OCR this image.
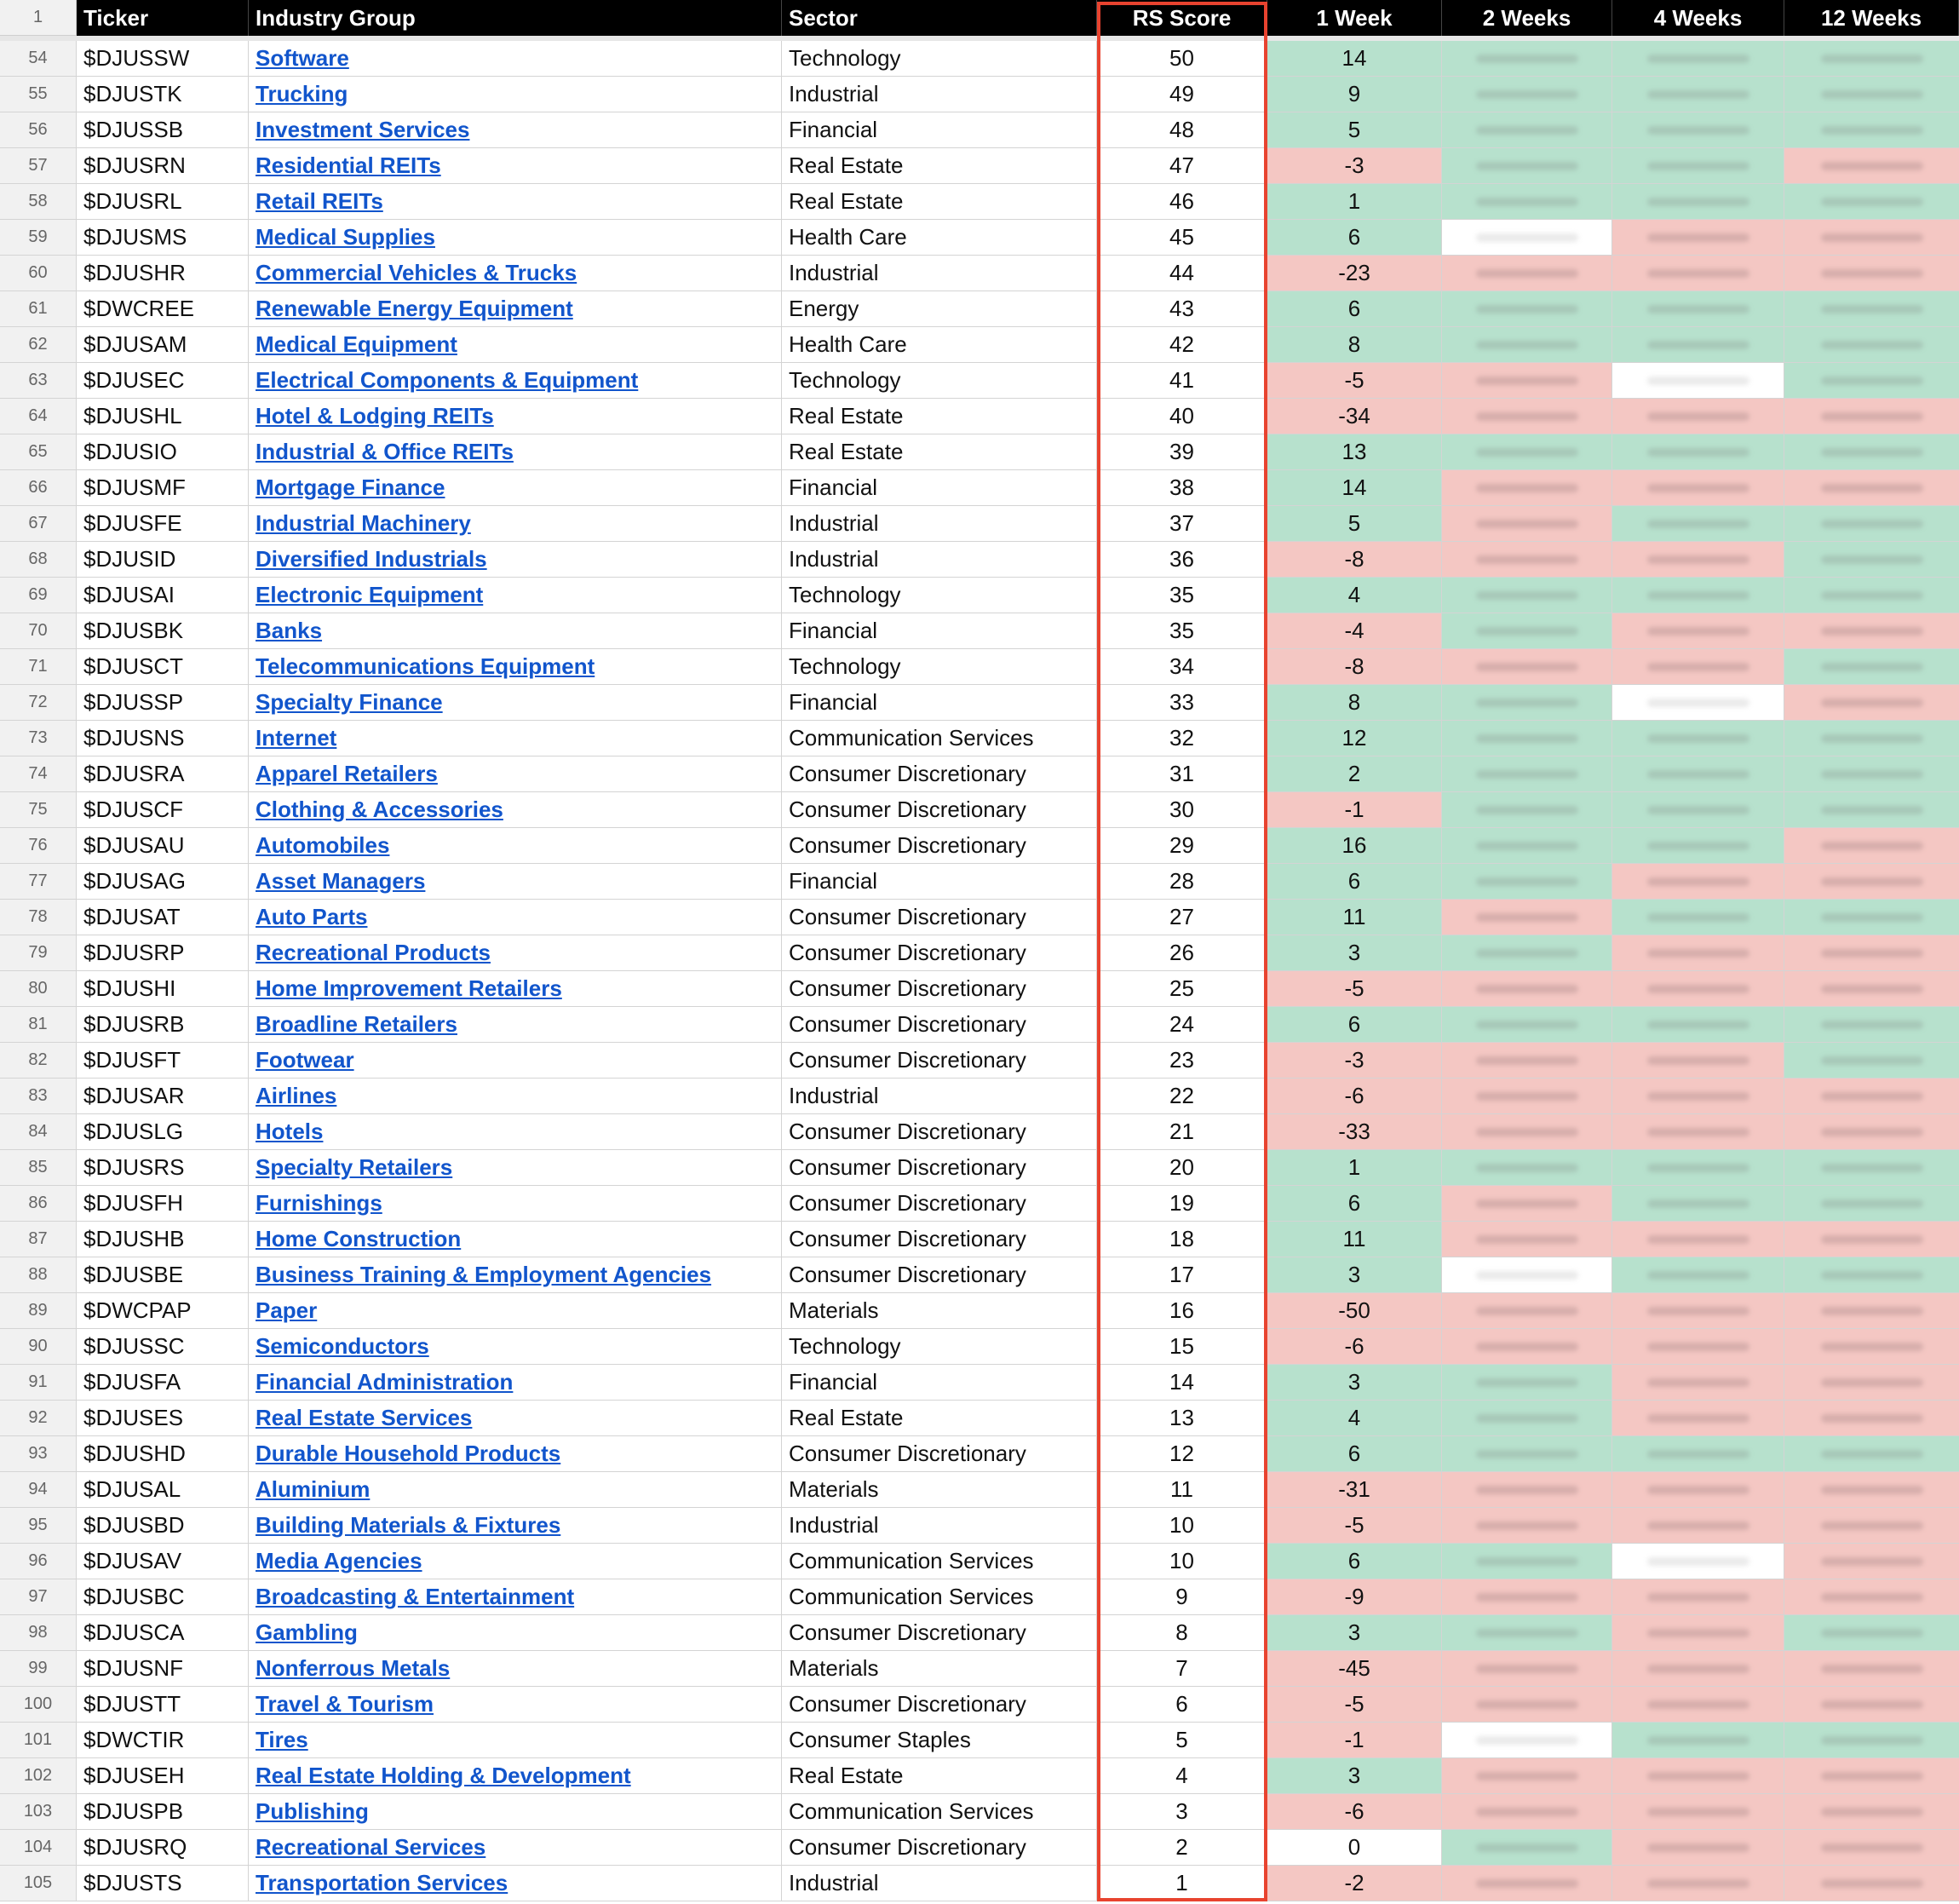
1	Ticker	Industry Group	Sector	RS Score	1 Week	2 Weeks	4 Weeks	12 Weeks
54	$DJUSSW	Software	Technology	50	14
55	$DJUSTK	Trucking	Industrial	49	9
56	$DJUSSB	Investment Services	Financial	48	5
57	$DJUSRN	Residential REITs	Real Estate	47	-3
58	$DJUSRL	Retail REITs	Real Estate	46	1
59	$DJUSMS	Medical Supplies	Health Care	45	6
60	$DJUSHR	Commercial Vehicles & Trucks	Industrial	44	-23
61	$DWCREE	Renewable Energy Equipment	Energy	43	6
62	$DJUSAM	Medical Equipment	Health Care	42	8
63	$DJUSEC	Electrical Components & Equipment	Technology	41	-5
64	$DJUSHL	Hotel & Lodging REITs	Real Estate	40	-34
65	$DJUSIO	Industrial & Office REITs	Real Estate	39	13
66	$DJUSMF	Mortgage Finance	Financial	38	14
67	$DJUSFE	Industrial Machinery	Industrial	37	5
68	$DJUSID	Diversified Industrials	Industrial	36	-8
69	$DJUSAI	Electronic Equipment	Technology	35	4
70	$DJUSBK	Banks	Financial	35	-4
71	$DJUSCT	Telecommunications Equipment	Technology	34	-8
72	$DJUSSP	Specialty Finance	Financial	33	8
73	$DJUSNS	Internet	Communication Services	32	12
74	$DJUSRA	Apparel Retailers	Consumer Discretionary	31	2
75	$DJUSCF	Clothing & Accessories	Consumer Discretionary	30	-1
76	$DJUSAU	Automobiles	Consumer Discretionary	29	16
77	$DJUSAG	Asset Managers	Financial	28	6
78	$DJUSAT	Auto Parts	Consumer Discretionary	27	11
79	$DJUSRP	Recreational Products	Consumer Discretionary	26	3
80	$DJUSHI	Home Improvement Retailers	Consumer Discretionary	25	-5
81	$DJUSRB	Broadline Retailers	Consumer Discretionary	24	6
82	$DJUSFT	Footwear	Consumer Discretionary	23	-3
83	$DJUSAR	Airlines	Industrial	22	-6
84	$DJUSLG	Hotels	Consumer Discretionary	21	-33
85	$DJUSRS	Specialty Retailers	Consumer Discretionary	20	1
86	$DJUSFH	Furnishings	Consumer Discretionary	19	6
87	$DJUSHB	Home Construction	Consumer Discretionary	18	11
88	$DJUSBE	Business Training & Employment Agencies	Consumer Discretionary	17	3
89	$DWCPAP	Paper	Materials	16	-50
90	$DJUSSC	Semiconductors	Technology	15	-6
91	$DJUSFA	Financial Administration	Financial	14	3
92	$DJUSES	Real Estate Services	Real Estate	13	4
93	$DJUSHD	Durable Household Products	Consumer Discretionary	12	6
94	$DJUSAL	Aluminium	Materials	11	-31
95	$DJUSBD	Building Materials & Fixtures	Industrial	10	-5
96	$DJUSAV	Media Agencies	Communication Services	10	6
97	$DJUSBC	Broadcasting & Entertainment	Communication Services	9	-9
98	$DJUSCA	Gambling	Consumer Discretionary	8	3
99	$DJUSNF	Nonferrous Metals	Materials	7	-45
100	$DJUSTT	Travel & Tourism	Consumer Discretionary	6	-5
101	$DWCTIR	Tires	Consumer Staples	5	-1
102	$DJUSEH	Real Estate Holding & Development	Real Estate	4	3
103	$DJUSPB	Publishing	Communication Services	3	-6
104	$DJUSRQ	Recreational Services	Consumer Discretionary	2	0
105	$DJUSTS	Transportation Services	Industrial	1	-2
